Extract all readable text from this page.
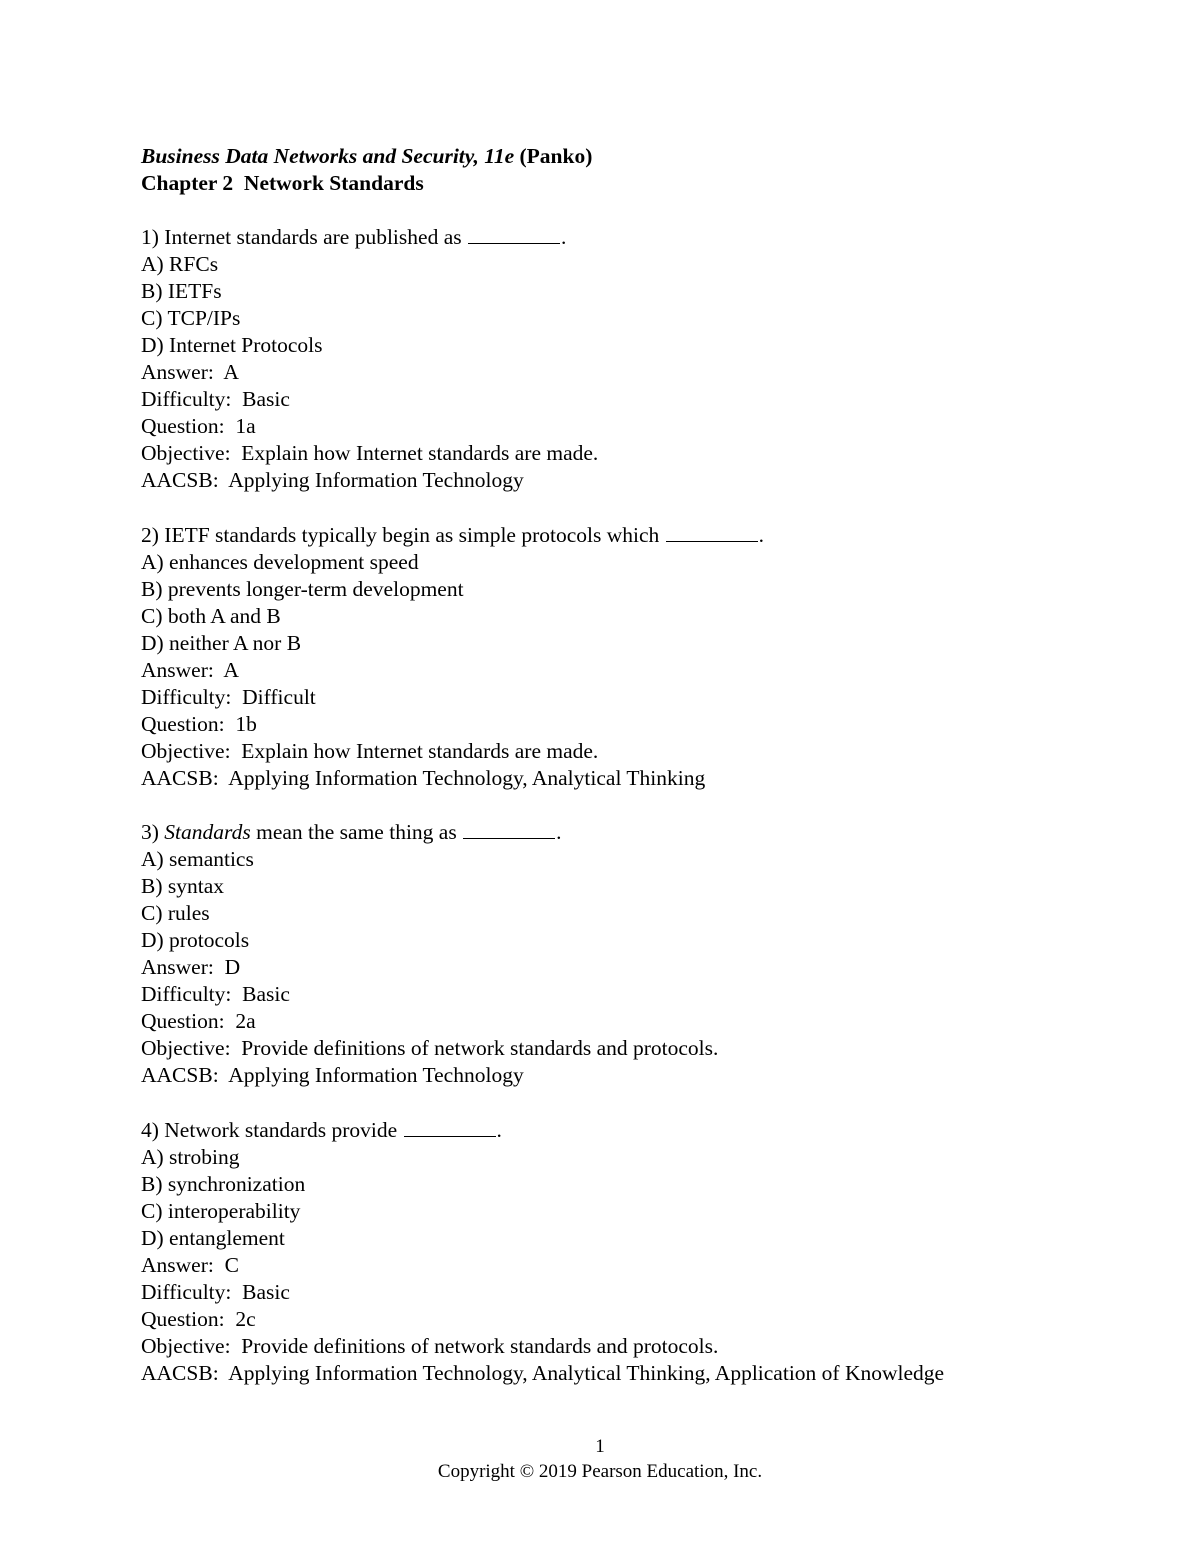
Business Data Networks and Security, 11e (Panko)
Chapter 2  Network Standards
1) Internet standards are published as	.
A) RFCs
B) IETFs
C) TCP/IPs
D) Internet Protocols
Answer:  A
Difficulty:  Basic
Question:  1a
Objective:  Explain how Internet standards are made.
AACSB:  Applying Information Technology
2) IETF standards typically begin as simple protocols which	.
A) enhances development speed
B) prevents longer-term development
C) both A and B
D) neither A nor B
Answer:  A
Difficulty:  Difficult
Question:  1b
Objective:  Explain how Internet standards are made.
AACSB:  Applying Information Technology, Analytical Thinking
3) Standards mean the same thing as	.
A) semantics
B) syntax
C) rules
D) protocols
Answer:  D
Difficulty:  Basic
Question:  2a
Objective:  Provide definitions of network standards and protocols.
AACSB:  Applying Information Technology
4) Network standards provide	.
A) strobing
B) synchronization
C) interoperability
D) entanglement
Answer:  C
Difficulty:  Basic
Question:  2c
Objective:  Provide definitions of network standards and protocols.
AACSB:  Applying Information Technology, Analytical Thinking, Application of Knowledge
1
Copyright © 2019 Pearson Education, Inc.
